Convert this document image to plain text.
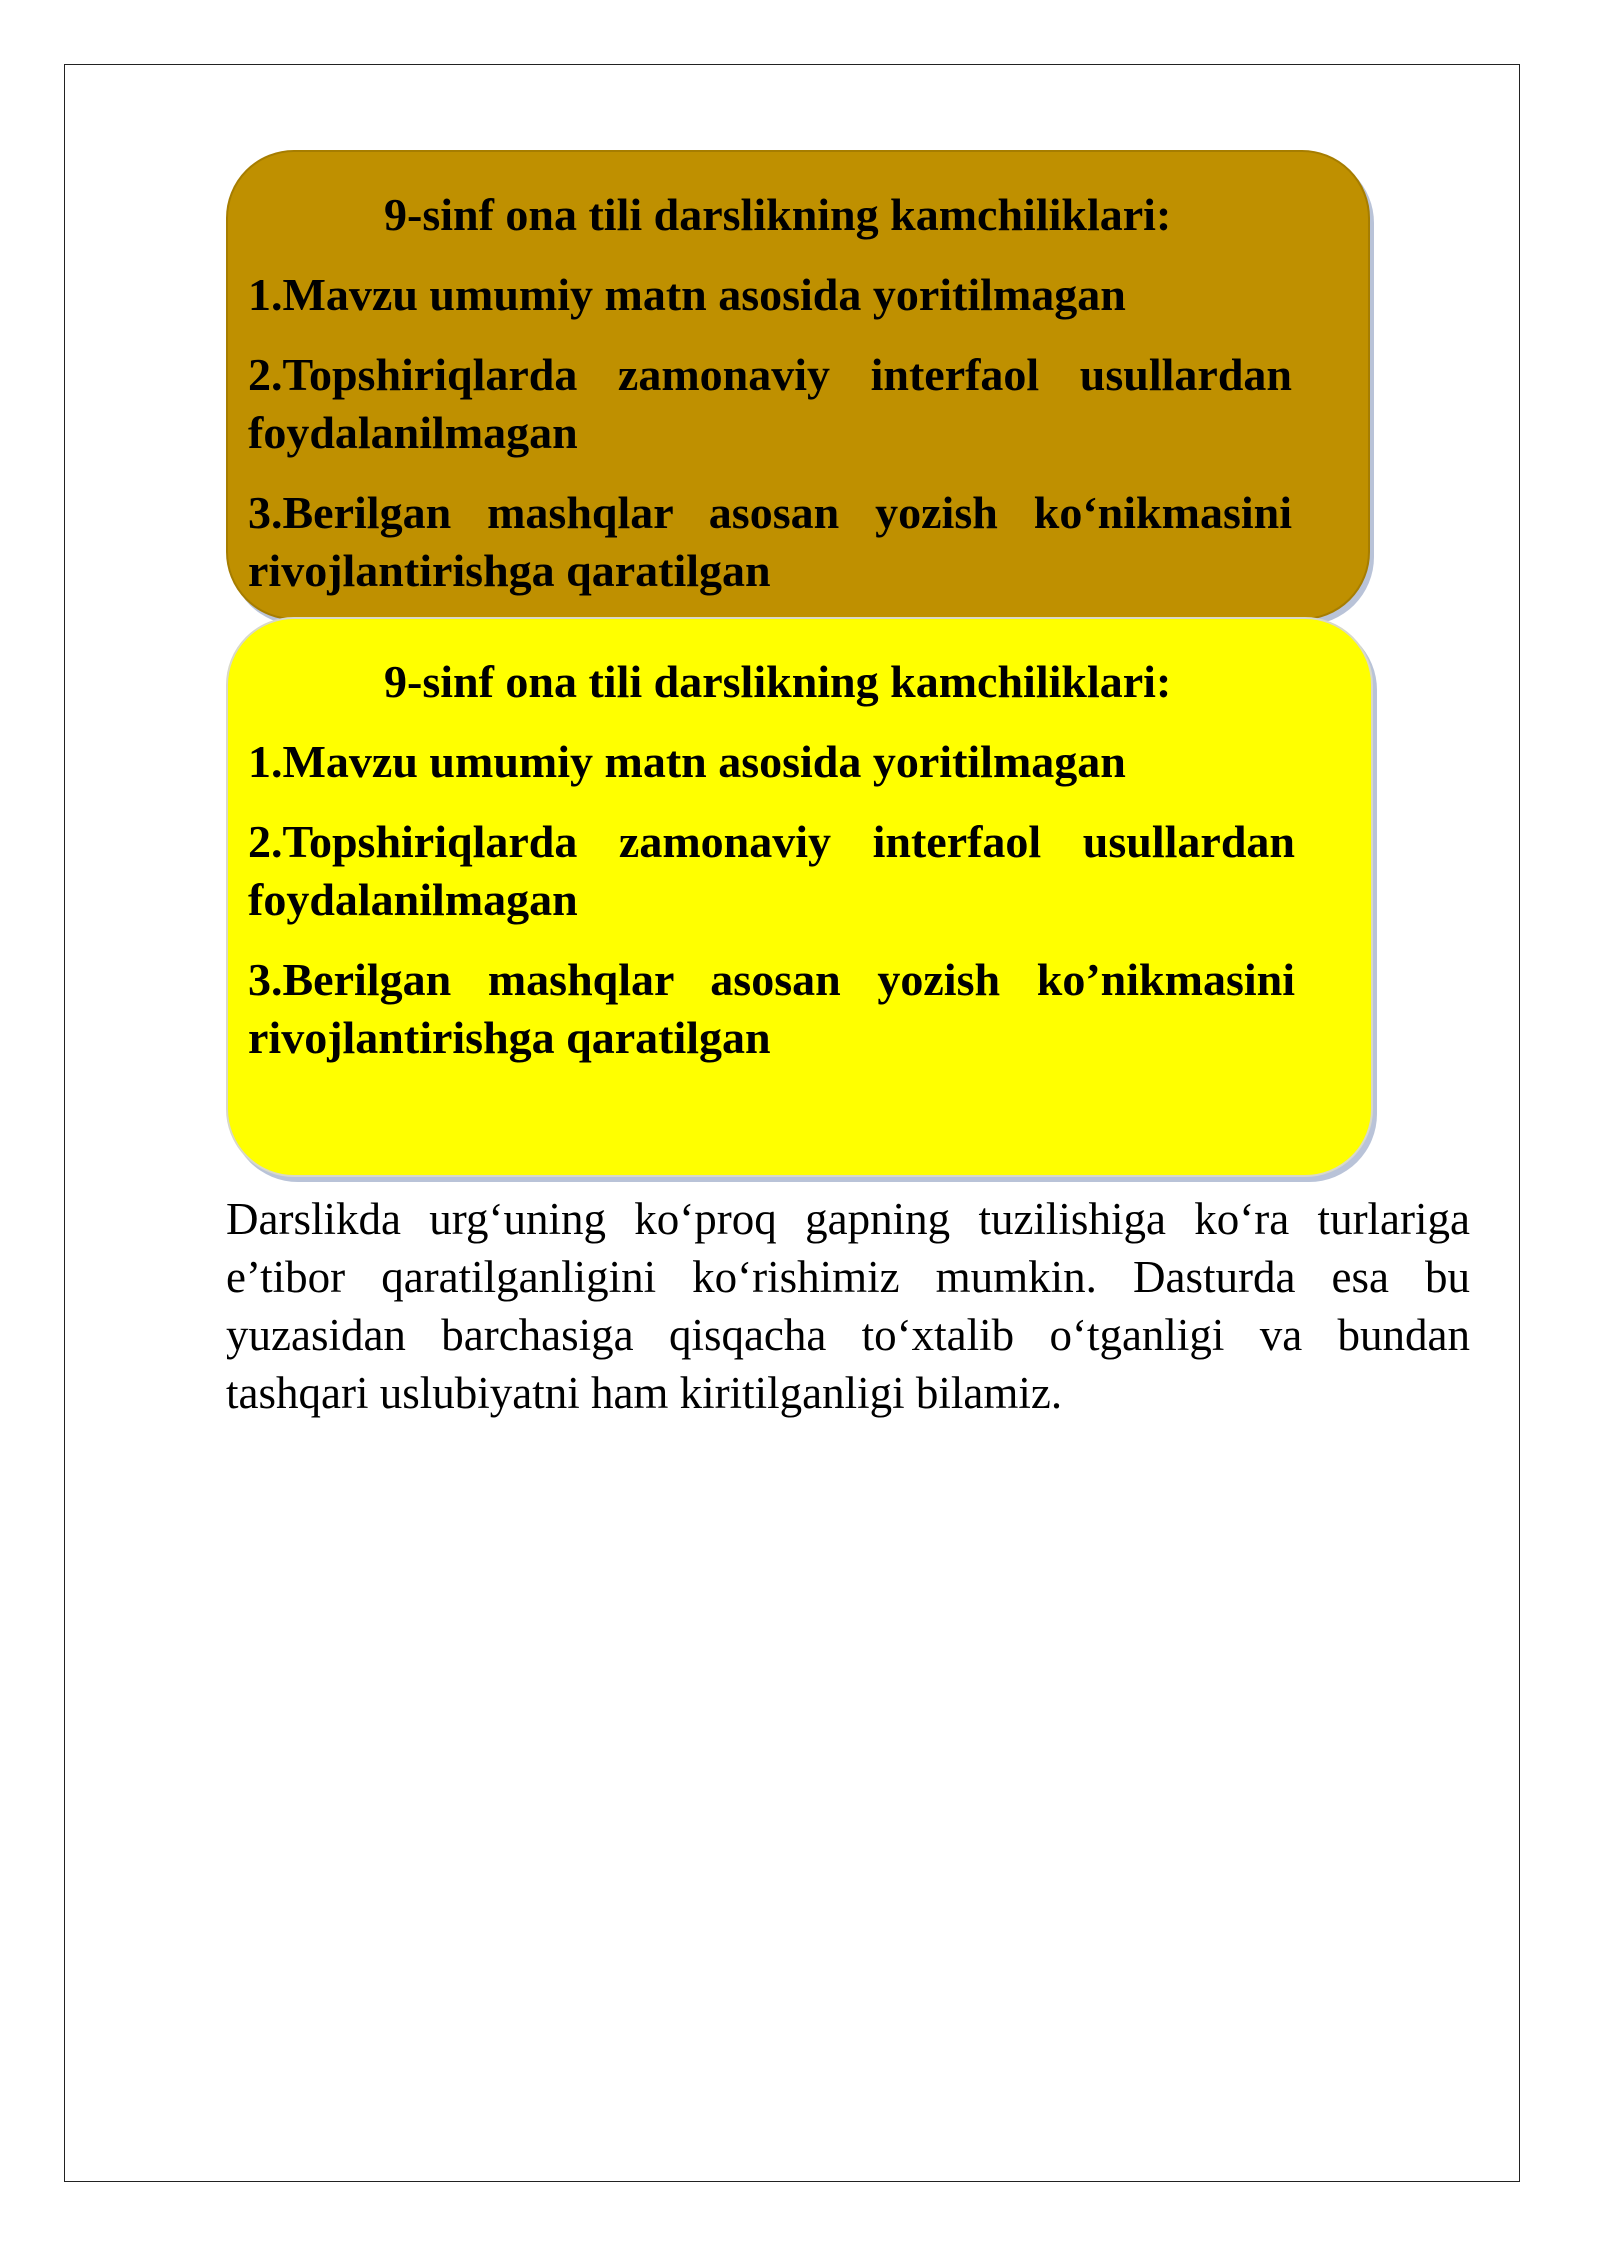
9-sinf ona tili darslikning kamchiliklari:

1.Mavzu umumiy matn asosida yoritilmagan

2.Topshiriqlarda zamonaviy interfaol usullardan foydalanilmagan

3.Berilgan mashqlar asosan yozish ko‘nikmasini rivojlantirishga qaratilgan

9-sinf ona tili darslikning kamchiliklari:

1.Mavzu umumiy matn asosida yoritilmagan

2.Topshiriqlarda zamonaviy interfaol usullardan foydalanilmagan

3.Berilgan mashqlar asosan yozish ko’nikmasini rivojlantirishga qaratilgan

Darslikda urg‘uning ko‘proq gapning tuzilishiga ko‘ra turlariga e’tibor qaratilganligini ko‘rishimiz mumkin. Dasturda esa bu yuzasidan barchasiga qisqacha to‘xtalib o‘tganligi va bundan tashqari uslubiyatni ham kiritilganligi bilamiz.
